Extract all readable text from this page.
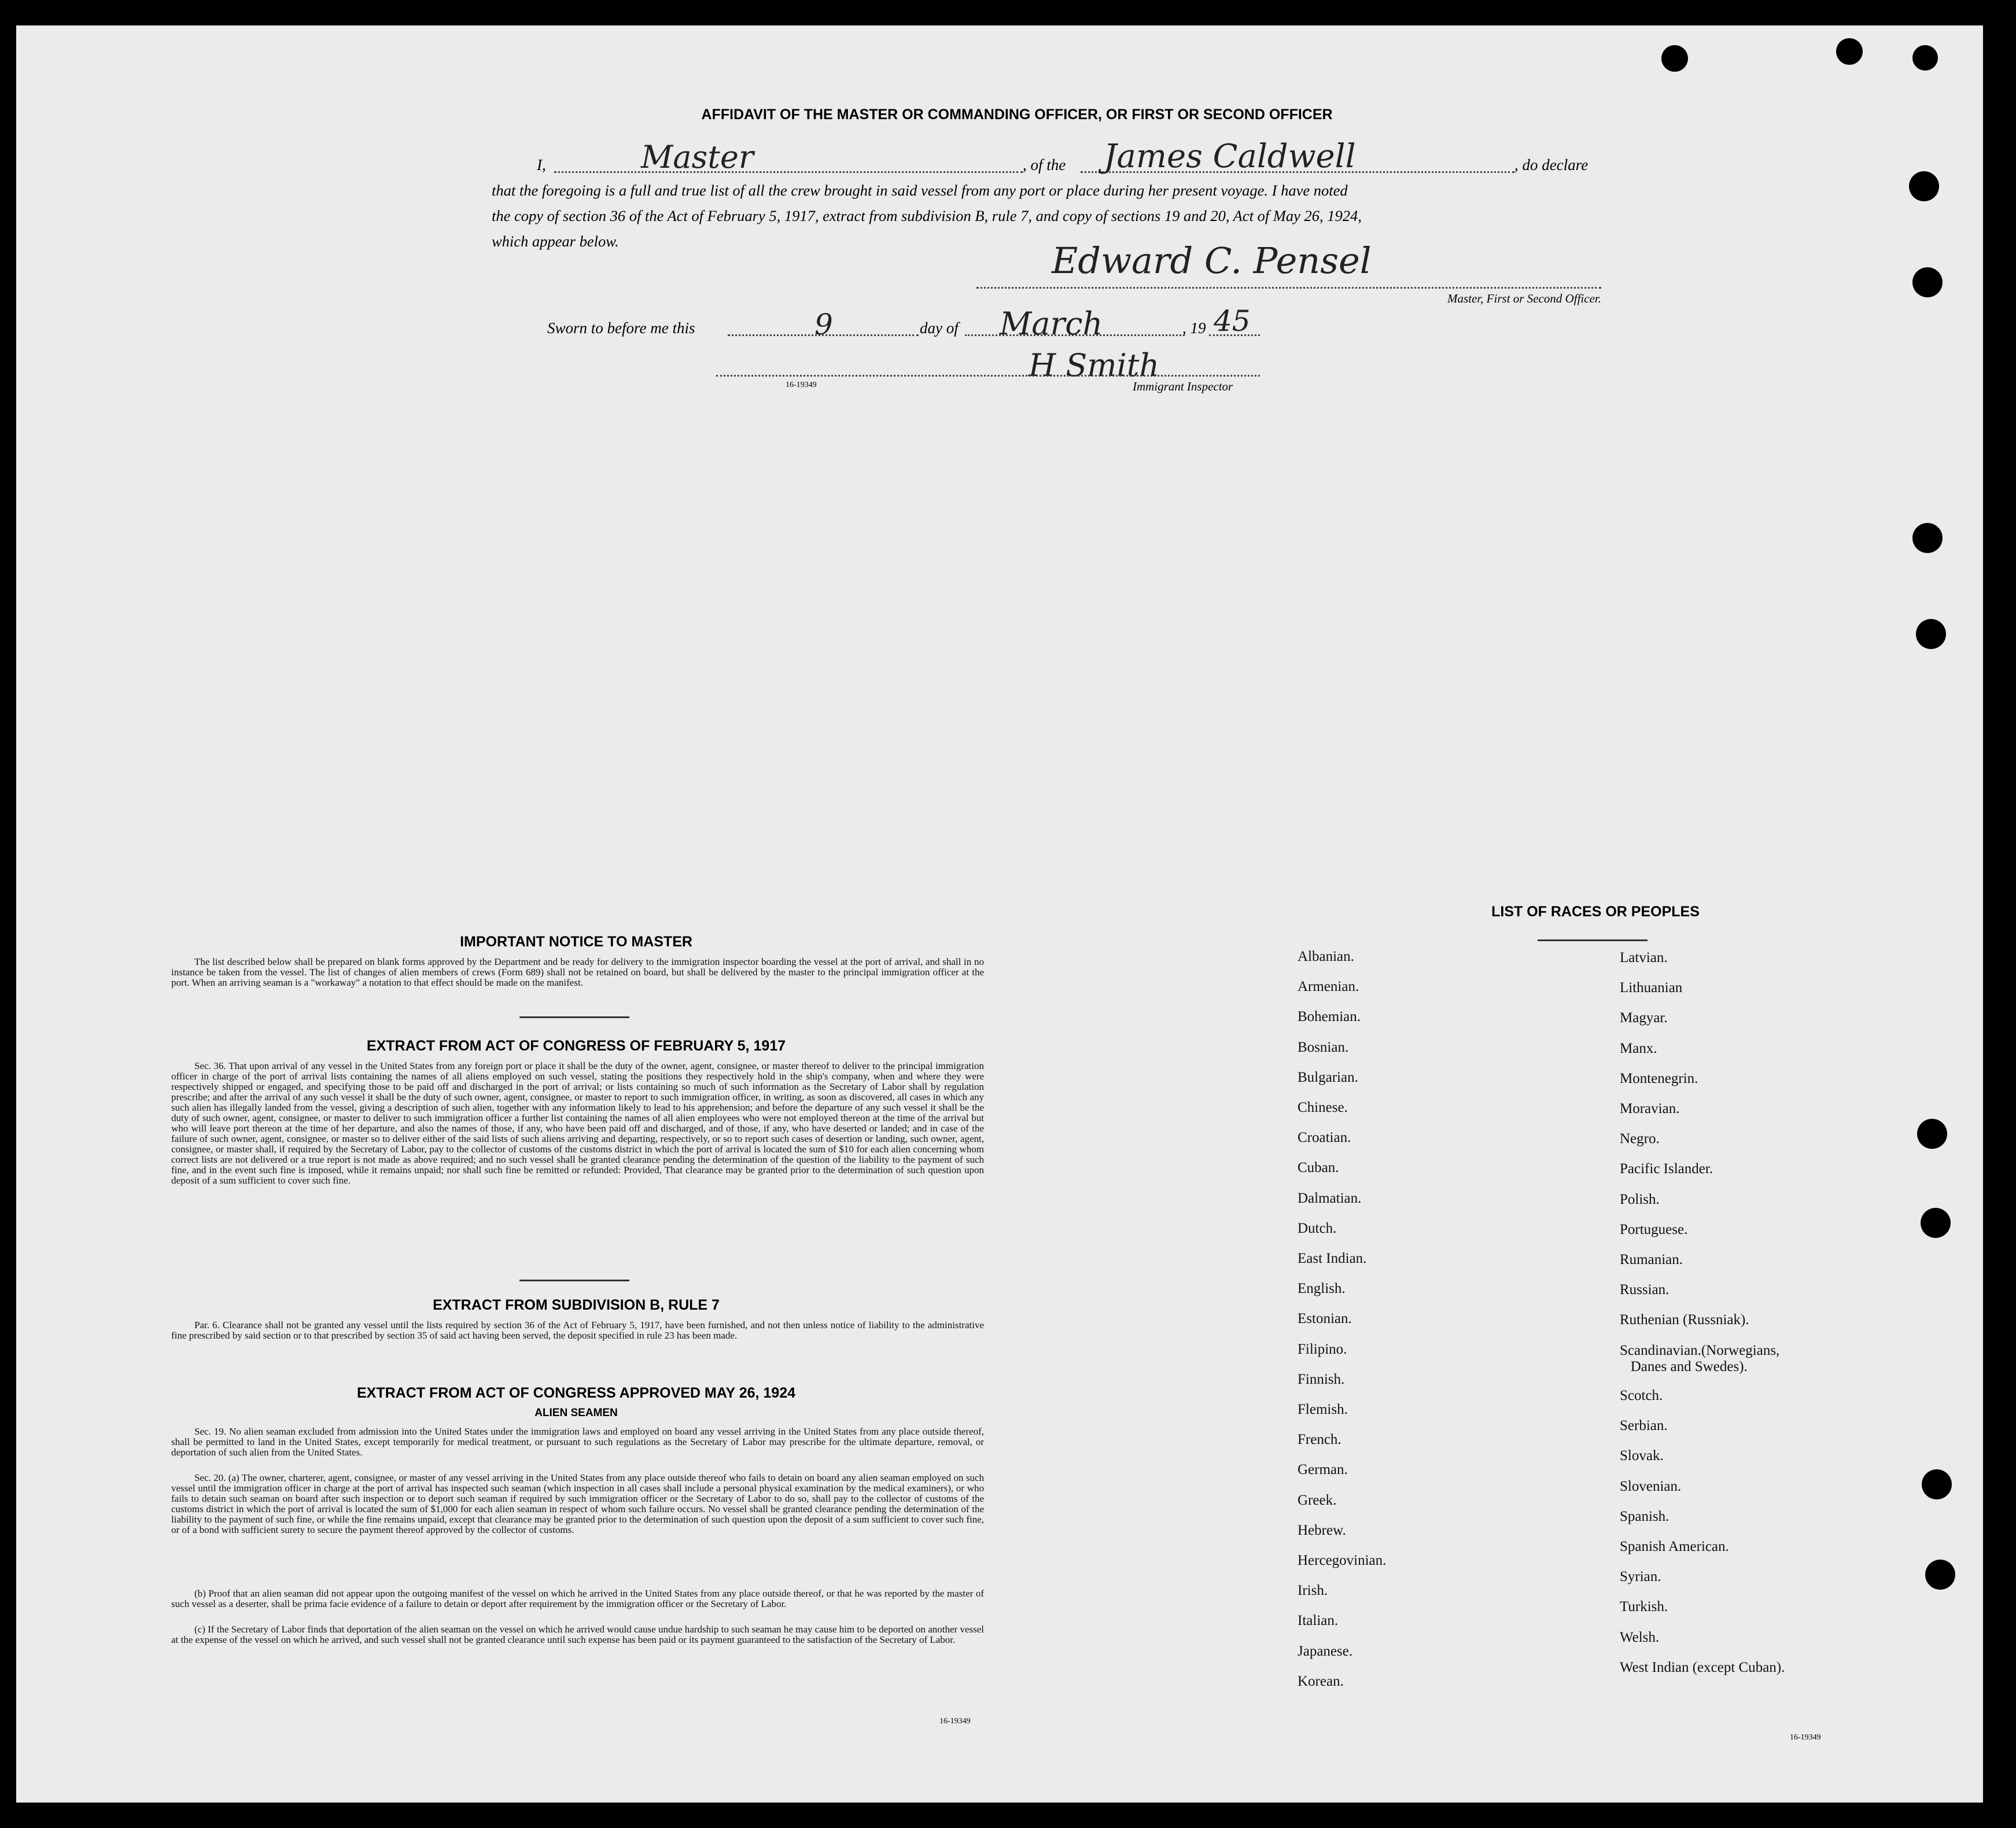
AFFIDAVIT OF THE MASTER OR COMMANDING OFFICER, OR FIRST OR SECOND OFFICER
I,	Master	, of the James Caldwell	, do declare
that the foregoing is a full and true list of all the crew brought in said vessel from any port or place during her present voyage. I have noted
the copy of section 36 of the Act of February 5, 1917, extract from subdivision B, rule 7, and copy of sections 19 and 20, Act of May 26, 1924,
which appear below.	Edward C. Pensel
Master, First or Second Officer.
Sworn to before me this	9	day of March	, 19 45
H Smith
16-19349	Immigrant Inspector
IMPORTANT NOTICE TO MASTER
The list described below shall be prepared on blank forms approved by the Department and be ready for delivery to the immigration inspector boarding the vessel at the port of arrival, and shall in no instance be taken from the vessel. The list of changes of alien members of crews (Form 689) shall not be retained on board, but shall be delivered by the master to the principal immigration officer at the port. When an arriving seaman is a "workaway" a notation to that effect should be made on the manifest.
EXTRACT FROM ACT OF CONGRESS OF FEBRUARY 5, 1917
Sec. 36. That upon arrival of any vessel in the United States from any foreign port or place it shall be the duty of the owner, agent, consignee, or master thereof to deliver to the principal immigration officer in charge of the port of arrival lists containing the names of all aliens employed on such vessel, stating the positions they respectively hold in the ship's company, when and where they were respectively shipped or engaged, and specifying those to be paid off and discharged in the port of arrival; or lists containing so much of such information as the Secretary of Labor shall by regulation prescribe; and after the arrival of any such vessel it shall be the duty of such owner, agent, consignee, or master to report to such immigration officer, in writing, as soon as discovered, all cases in which any such alien has illegally landed from the vessel, giving a description of such alien, together with any information likely to lead to his apprehension; and before the departure of any such vessel it shall be the duty of such owner, agent, consignee, or master to deliver to such immigration officer a further list containing the names of all alien employees who were not employed thereon at the time of the arrival but who will leave port thereon at the time of her departure, and also the names of those, if any, who have been paid off and discharged, and of those, if any, who have deserted or landed; and in case of the failure of such owner, agent, consignee, or master so to deliver either of the said lists of such aliens arriving and departing, respectively, or so to report such cases of desertion or landing, such owner, agent, consignee, or master shall, if required by the Secretary of Labor, pay to the collector of customs of the customs district in which the port of arrival is located the sum of $10 for each alien concerning whom correct lists are not delivered or a true report is not made as above required; and no such vessel shall be granted clearance pending the determination of the question of the liability to the payment of such fine, and in the event such fine is imposed, while it remains unpaid; nor shall such fine be remitted or refunded: Provided, That clearance may be granted prior to the determination of such question upon deposit of a sum sufficient to cover such fine.
EXTRACT FROM SUBDIVISION B, RULE 7
Par. 6. Clearance shall not be granted any vessel until the lists required by section 36 of the Act of February 5, 1917, have been furnished, and not then unless notice of liability to the administrative fine prescribed by said section or to that prescribed by section 35 of said act having been served, the deposit specified in rule 23 has been made.
EXTRACT FROM ACT OF CONGRESS APPROVED MAY 26, 1924
ALIEN SEAMEN
Sec. 19. No alien seaman excluded from admission into the United States under the immigration laws and employed on board any vessel arriving in the United States from any place outside thereof, shall be permitted to land in the United States, except temporarily for medical treatment, or pursuant to such regulations as the Secretary of Labor may prescribe for the ultimate departure, removal, or deportation of such alien from the United States.
Sec. 20. (a) The owner, charterer, agent, consignee, or master of any vessel arriving in the United States from any place outside thereof who fails to detain on board any alien seaman employed on such vessel until the immigration officer in charge at the port of arrival has inspected such seaman (which inspection in all cases shall include a personal physical examination by the medical examiners), or who fails to detain such seaman on board after such inspection or to deport such seaman if required by such immigration officer or the Secretary of Labor to do so, shall pay to the collector of customs of the customs district in which the port of arrival is located the sum of $1,000 for each alien seaman in respect of whom such failure occurs. No vessel shall be granted clearance pending the determination of the liability to the payment of such fine, or while the fine remains unpaid, except that clearance may be granted prior to the determination of such question upon the deposit of a sum sufficient to cover such fine, or of a bond with sufficient surety to secure the payment thereof approved by the collector of customs.
(b) Proof that an alien seaman did not appear upon the outgoing manifest of the vessel on which he arrived in the United States from any place outside thereof, or that he was reported by the master of such vessel as a deserter, shall be prima facie evidence of a failure to detain or deport after requirement by the immigration officer or the Secretary of Labor.
(c) If the Secretary of Labor finds that deportation of the alien seaman on the vessel on which he arrived would cause undue hardship to such seaman he may cause him to be deported on another vessel at the expense of the vessel on which he arrived, and such vessel shall not be granted clearance until such expense has been paid or its payment guaranteed to the satisfaction of the Secretary of Labor.
16-19349
LIST OF RACES OR PEOPLES
16-19349
Albanian.
Armenian.
Bohemian.
Bosnian.
Bulgarian.
Chinese.
Croatian.
Cuban.
Dalmatian.
Dutch.
East Indian.
English.
Estonian.
Filipino.
Finnish.
Flemish.
French.
German.
Greek.
Hebrew.
Hercegovinian.
Irish.
Italian.
Japanese.
Korean.
Latvian.
Lithuanian
Magyar.
Manx.
Montenegrin.
Moravian.
Negro.
Pacific Islander.
Polish.
Portuguese.
Rumanian.
Russian.
Ruthenian (Russniak).
Scandinavian.(Norwegians,
Danes and Swedes).
Scotch.
Serbian.
Slovak.
Slovenian.
Spanish.
Spanish American.
Syrian.
Turkish.
Welsh.
West Indian (except Cuban).
